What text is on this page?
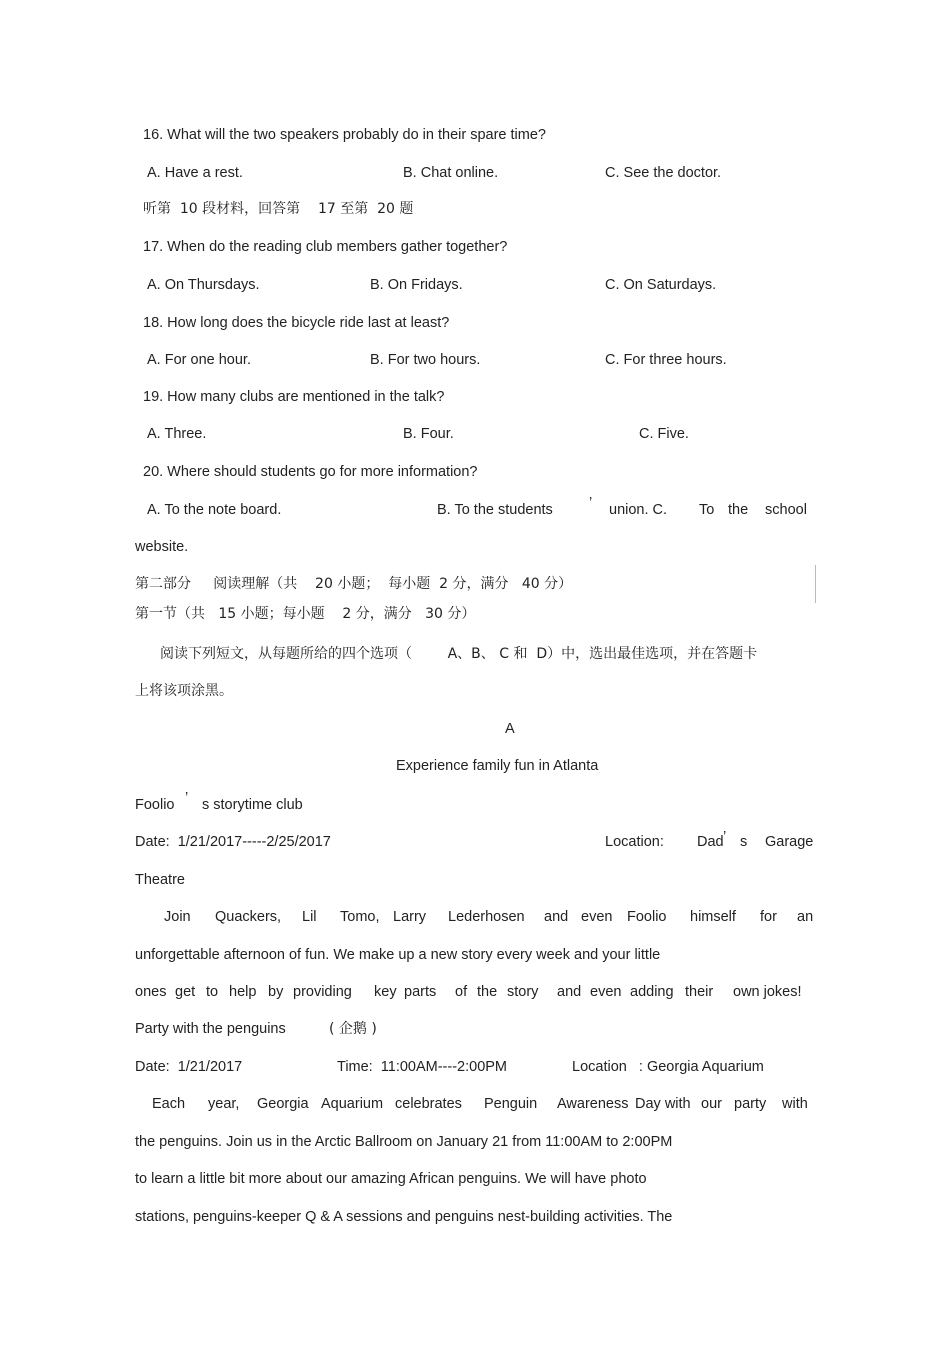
16. What will the two speakers probably do in their spare time?
A. Have a rest.	B. Chat online.	C. See the doctor.
听第  10 段材料，回答第    17 至第  20 题
17. When do the reading club members gather together?
A. On Thursdays.	B. On Fridays.	C. On Saturdays.
18. How long does the bicycle ride last at least?
A. For one hour.	B. For two hours.	C. For three hours.
19. How many clubs are mentioned in the talk?
A. Three.	B. Four.	C. Five.
20. Where should students go for more information?
A. To the note board.	B. To the students ’ union. C. To the school
website.
第二部分     阅读理解（共    20 小题；  每小题  2 分，满分   40 分）
第一节（共   15 小题；每小题    2 分，满分   30 分）
阅读下列短文，从每题所给的四个选项（        A、B、 C 和  D）中，选出最佳选项，并在答题卡
上将该项涂黑。
A
Experience family fun in Atlanta
Foolio ’ s storytime club
Date:  1/21/2017-----2/25/2017	Location: Dad ’ s Garage
Theatre
Join Quackers, Lil Tomo, Larry Lederhosen and even Foolio himself for an
unforgettable afternoon of fun. We make up a new story every week and your little
ones get to help by providing key parts of the story and even adding their own jokes!
Party with the penguins	( 企鹅 )
Date:  1/21/2017	Time:  11:00AM----2:00PM	Location   : Georgia Aquarium
Each year, Georgia Aquarium celebrates Penguin Awareness Day with our party with
the penguins. Join us in the Arctic Ballroom on January 21 from 11:00AM to 2:00PM
to learn a little bit more about our amazing African penguins. We will have photo
stations, penguins-keeper Q & A sessions and penguins nest-building activities. The
